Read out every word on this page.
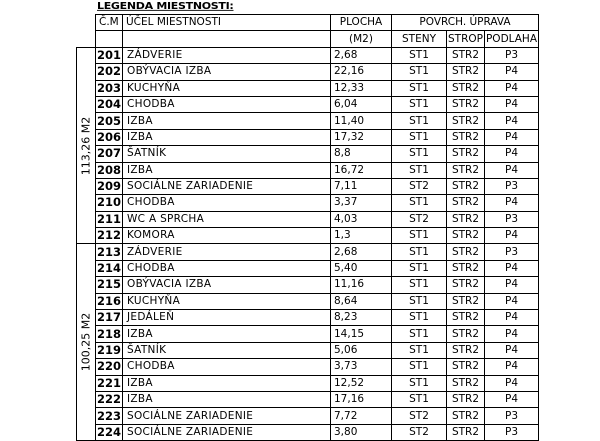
LEGENDA MIESTNOSTI:
	Č.M	ÚČEL MIESTNOSTI	PLOCHA	POVRCH. ÚPRAVA		
			(M2)	STENY	STROP	PODLAHA

113,26 M2	201	ZÁDVERIE	2,68	ST1	STR2	P3
	202	OBÝVACIA IZBA	22,16	ST1	STR2	P4
	203	KUCHYŇA	12,33	ST1	STR2	P4
	204	CHODBA	6,04	ST1	STR2	P4
	205	IZBA	11,40	ST1	STR2	P4
	206	IZBA	17,32	ST1	STR2	P4
	207	ŠATNÍK	8,8	ST1	STR2	P4
	208	IZBA	16,72	ST1	STR2	P4
	209	SOCIÁLNE ZARIADENIE	7,11	ST2	STR2	P3
	210	CHODBA	3,37	ST1	STR2	P4
	211	WC A SPRCHA	4,03	ST2	STR2	P3
	212	KOMORA	1,3	ST1	STR2	P4

100,25 M2	213	ZÁDVERIE	2,68	ST1	STR2	P3
	214	CHODBA	5,40	ST1	STR2	P4
	215	OBÝVACIA IZBA	11,16	ST1	STR2	P4
	216	KUCHYŇA	8,64	ST1	STR2	P4
	217	JEDÁLEŇ	8,23	ST1	STR2	P4
	218	IZBA	14,15	ST1	STR2	P4
	219	ŠATNÍK	5,06	ST1	STR2	P4
	220	CHODBA	3,73	ST1	STR2	P4
	221	IZBA	12,52	ST1	STR2	P4
	222	IZBA	17,16	ST1	STR2	P4
	223	SOCIÁLNE ZARIADENIE	7,72	ST2	STR2	P3
	224	SOCIÁLNE ZARIADENIE	3,80	ST2	STR2	P3
